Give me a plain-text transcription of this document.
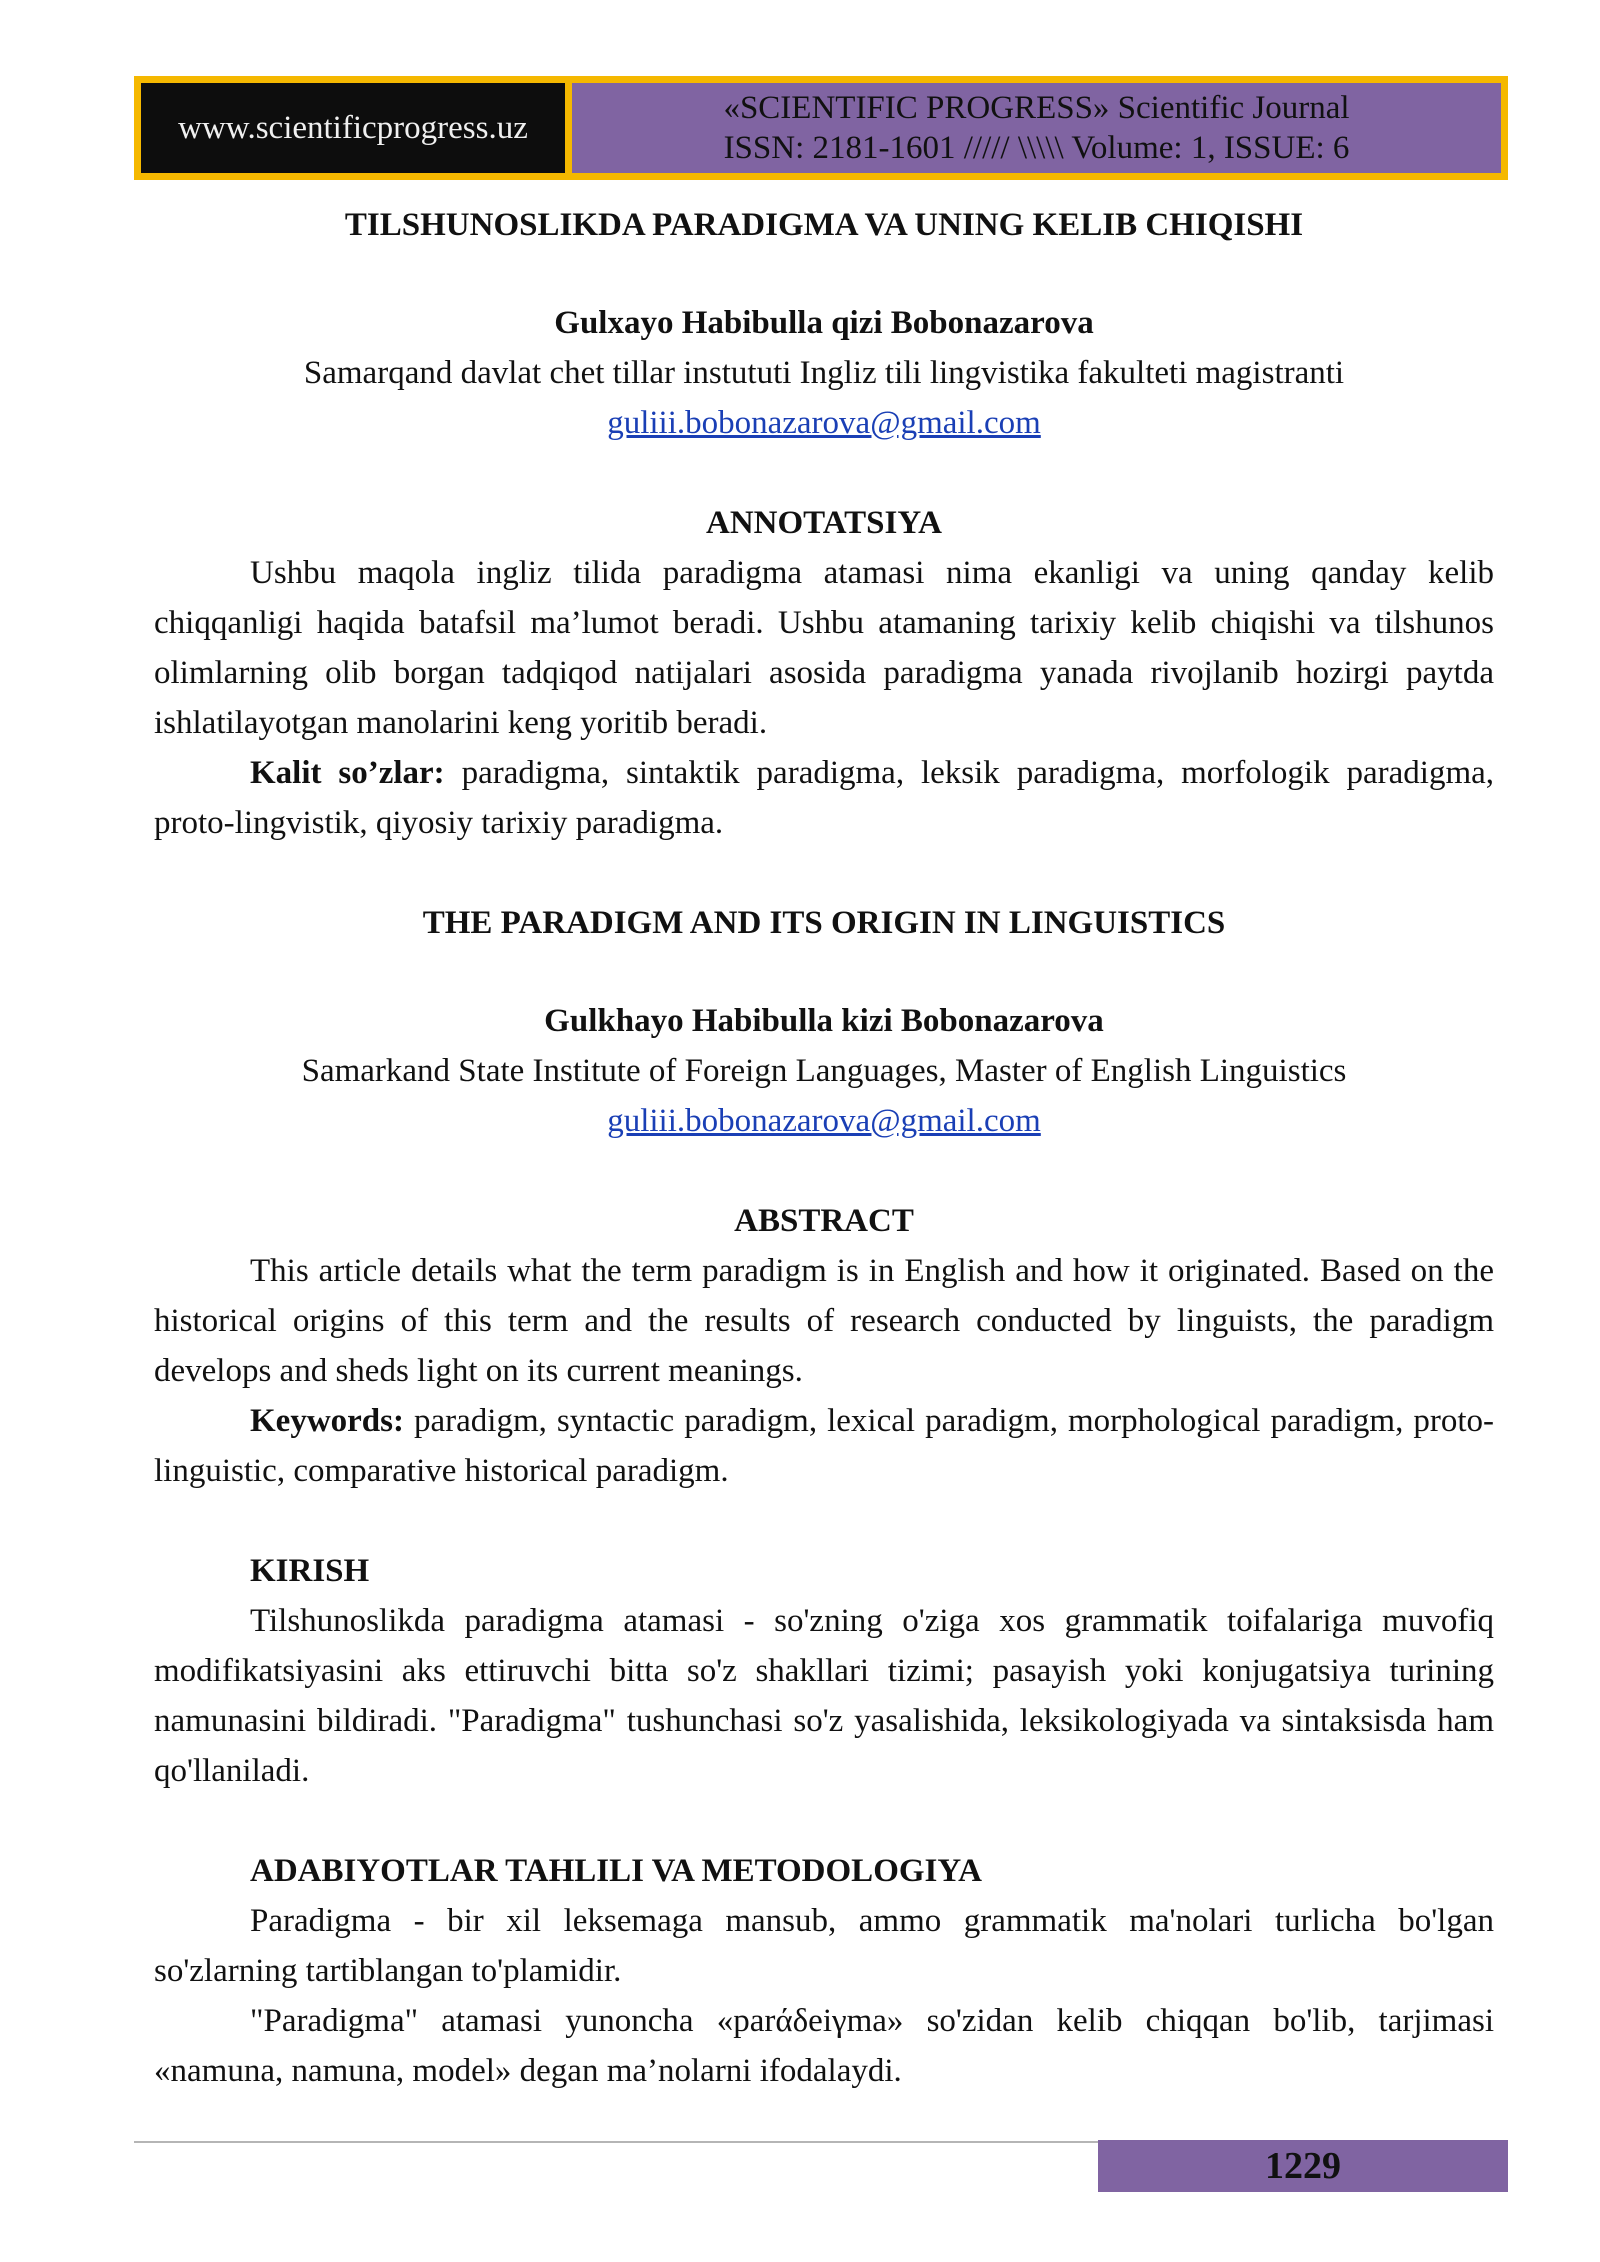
www.scientificprogress.uz
«SCIENTIFIC PROGRESS» Scientific Journal
ISSN: 2181-1601 ///// \\\\\ Volume: 1, ISSUE: 6
TILSHUNOSLIKDA PARADIGMA VA UNING KELIB CHIQISHI
Gulxayo Habibulla qizi Bobonazarova
Samarqand davlat chet tillar instututi Ingliz tili lingvistika fakulteti magistranti
guliii.bobonazarova@gmail.com
ANNOTATSIYA

Ushbu maqola ingliz tilida paradigma atamasi nima ekanligi va uning qanday kelib chiqqanligi haqida batafsil ma’lumot beradi. Ushbu atamaning tarixiy kelib chiqishi va tilshunos olimlarning olib borgan tadqiqod natijalari asosida paradigma yanada rivojlanib hozirgi paytda ishlatilayotgan manolarini keng yoritib beradi.

Kalit so’zlar: paradigma, sintaktik paradigma, leksik paradigma, morfologik paradigma, proto-lingvistik, qiyosiy tarixiy paradigma.

THE PARADIGM AND ITS ORIGIN IN LINGUISTICS
Gulkhayo Habibulla kizi Bobonazarova
Samarkand State Institute of Foreign Languages, Master of English Linguistics
guliii.bobonazarova@gmail.com
ABSTRACT

This article details what the term paradigm is in English and how it originated. Based on the historical origins of this term and the results of research conducted by linguists, the paradigm develops and sheds light on its current meanings.

Keywords: paradigm, syntactic paradigm, lexical paradigm, morphological paradigm, proto-linguistic, comparative historical paradigm.

KIRISH

Tilshunoslikda paradigma atamasi - so'zning o'ziga xos grammatik toifalariga muvofiq modifikatsiyasini aks ettiruvchi bitta so'z shakllari tizimi; pasayish yoki konjugatsiya turining namunasini bildiradi. "Paradigma" tushunchasi so'z yasalishida, leksikologiyada va sintaksisda ham qo'llaniladi.

ADABIYOTLAR TAHLILI VA METODOLOGIYA

Paradigma - bir xil leksemaga mansub, ammo grammatik ma'nolari turlicha bo'lgan so'zlarning tartiblangan to'plamidir.

"Paradigma" atamasi yunoncha «parάδeiγma» so'zidan kelib chiqqan bo'lib, tarjimasi «namuna, namuna, model» degan ma’nolarni ifodalaydi.

1229
